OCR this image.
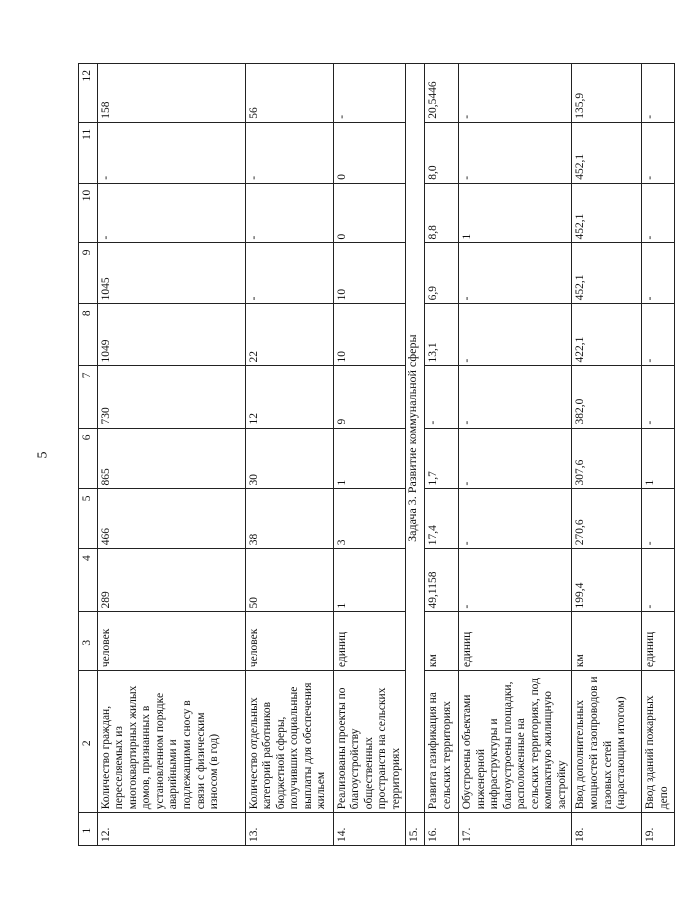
5
1	2	3	4	5	6	7	8	9	10	11	12
12.	Количество граждан, переселяемых из многоквартирных жилых домов, признанных в установленном порядке аварийными и подлежащими сносу в связи с физическим износом (в год)	человек	289	466	865	730	1049	1045	-	-	158
13.	Количество отдельных категорий работников бюджетной сферы, получивших социальные выплаты для обеспечения жильем	человек	50	38	30	12	22	-	-	-	56
14.	Реализованы проекты по благоустройству общественных пространств на сельских территориях	единиц	1	3	1	9	10	10	0	0	-
15.	Задача 3. Развитие коммунальной сферы										
16.	Развита газификация на сельских территориях	км	49,1158	17,4	1,7	-	13,1	6,9	8,8	8,0	20,5446
17.	Обустроены объектами инженерной инфраструктуры и благоустроены площадки, расположенные на сельских территориях, под компактную жилищную застройку	единиц	-	-	-	-	-	-	1	-	-
18.	Ввод дополнительных мощностей газопроводов и газовых сетей (нарастающим итогом)	км	199,4	270,6	307,6	382,0	422,1	452,1	452,1	452,1	135,9
19.	Ввод зданий пожарных депо	единиц	-	-	1	-	-	-	-	-	-
